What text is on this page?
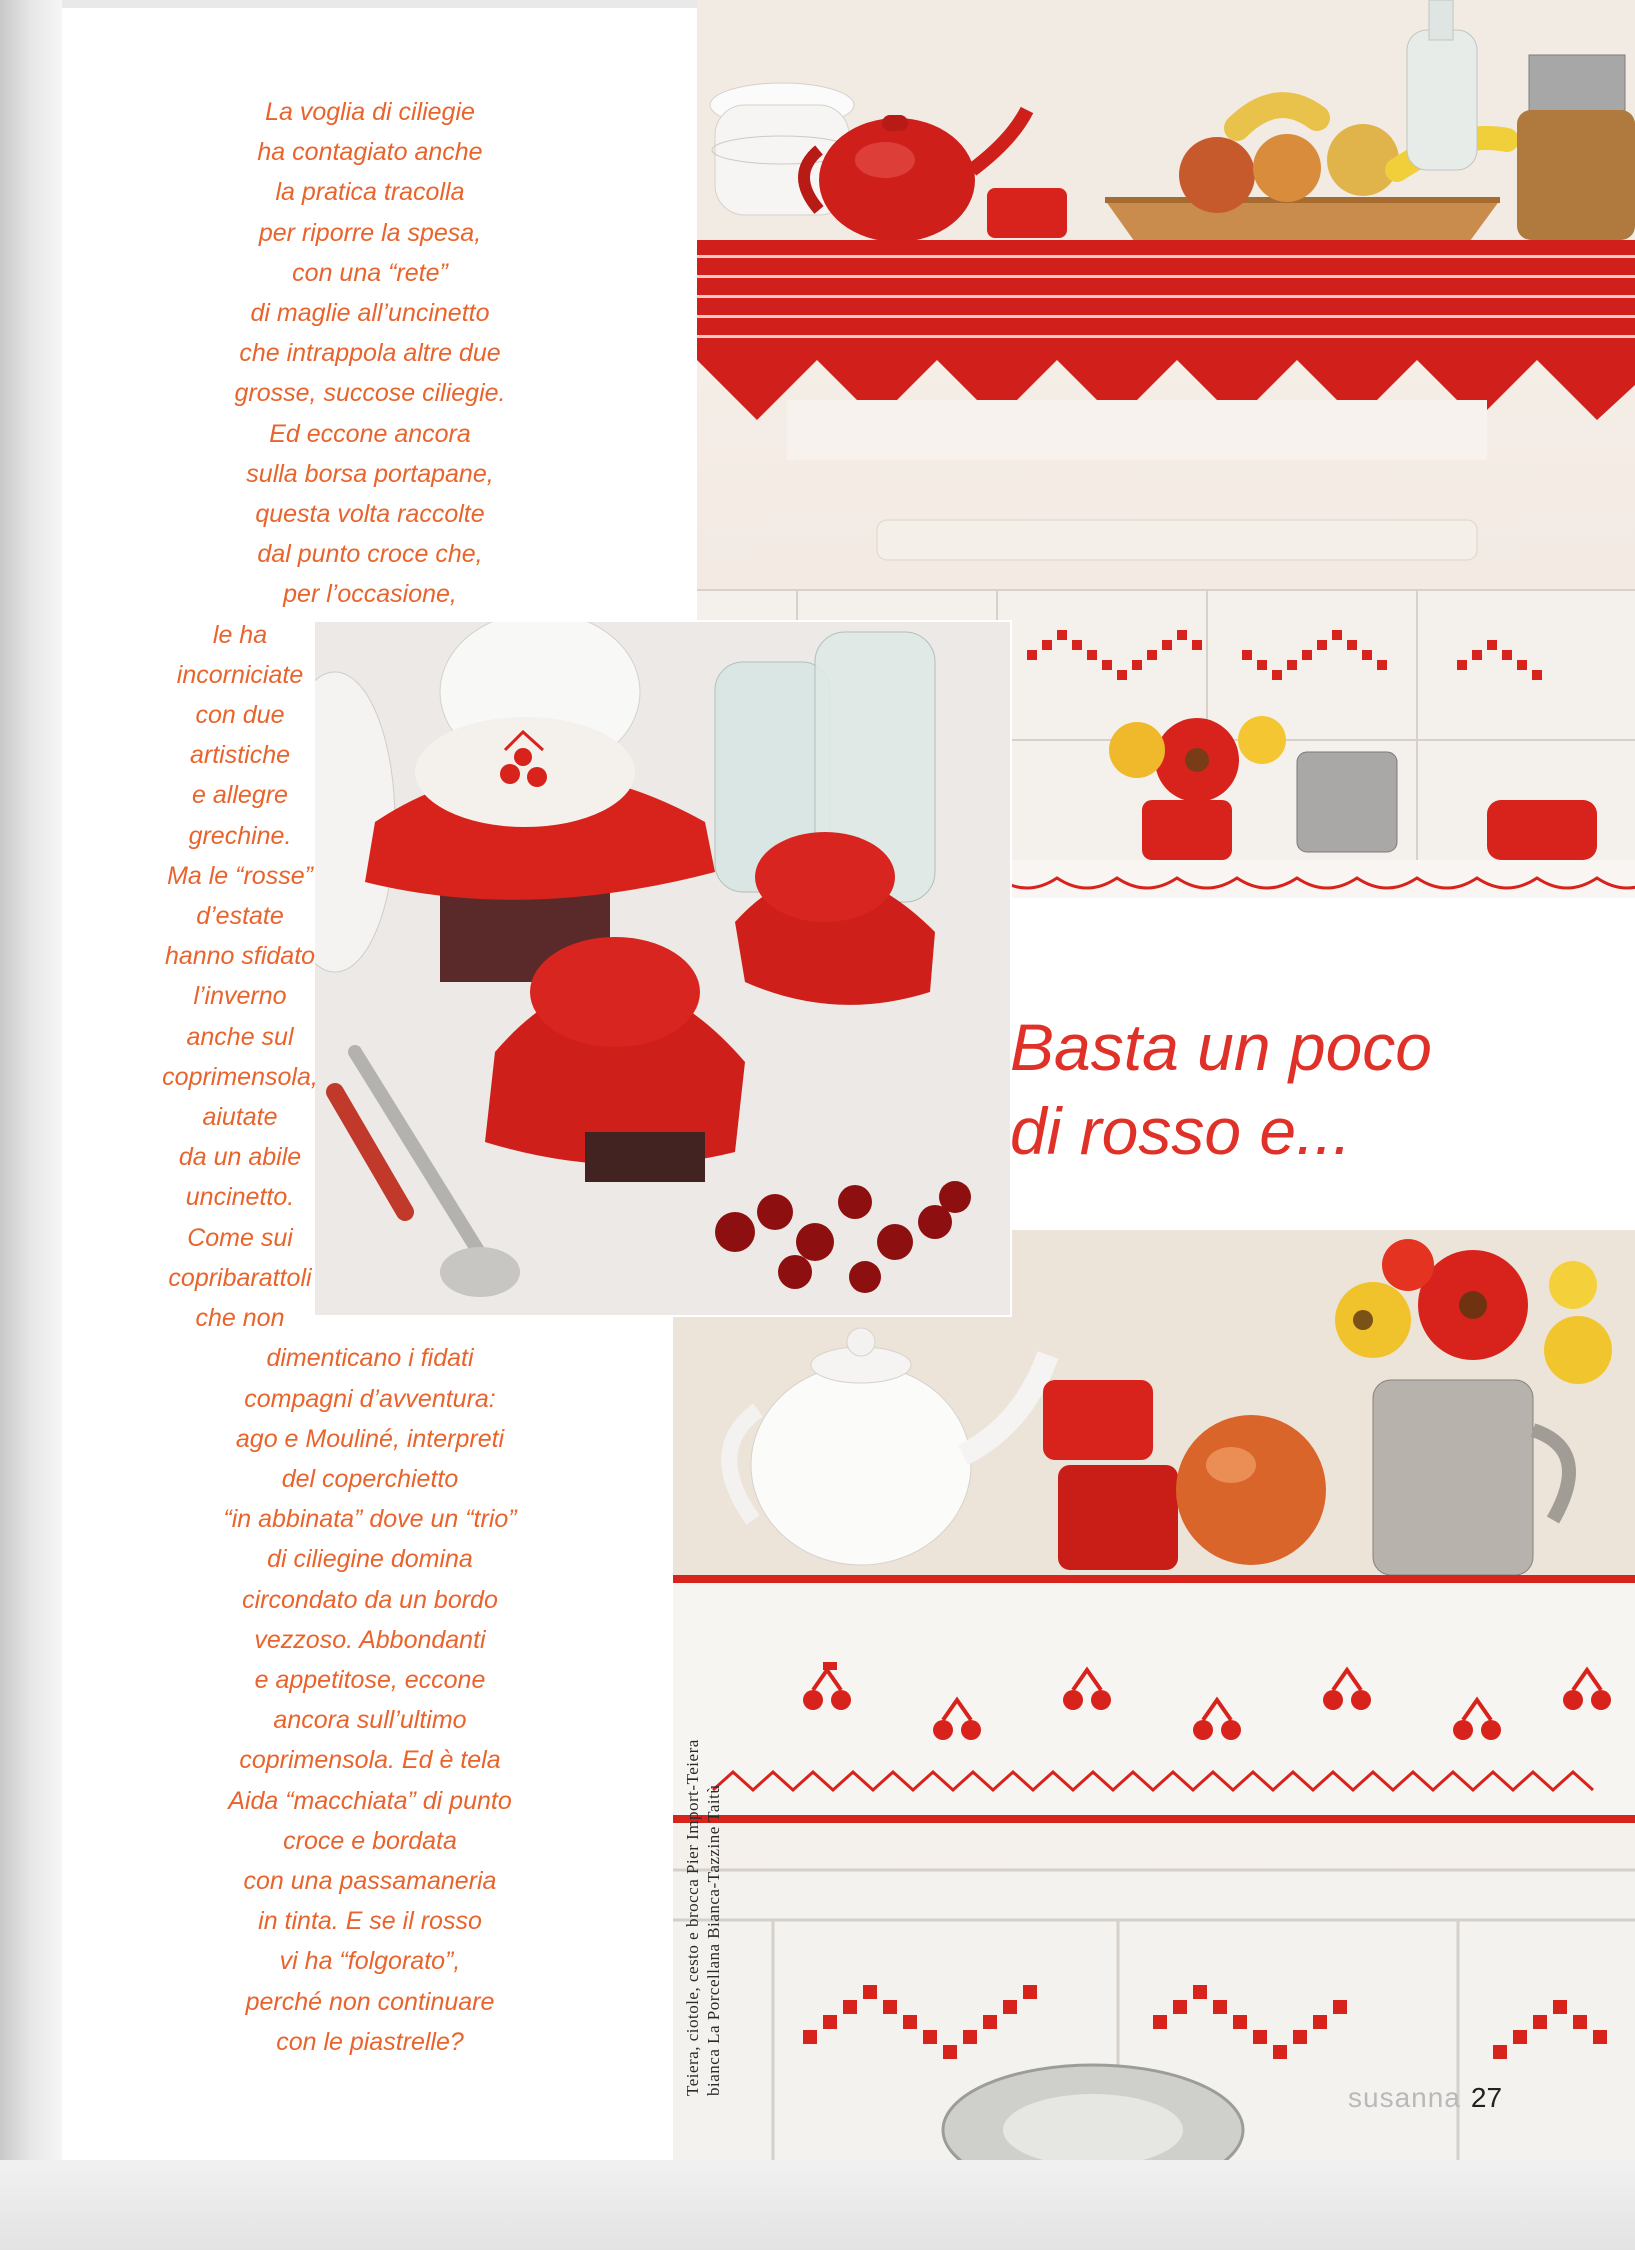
La voglia di ciliegie
ha contagiato anche
la pratica tracolla
per riporre la spesa,
con una “rete”
di maglie all’uncinetto
che intrappola altre due
grosse, succose ciliegie.
Ed eccone ancora
sulla borsa portapane,
questa volta raccolte
dal punto croce che,
per l’occasione,
le ha
incorniciate
con due
artistiche
e allegre
grechine.
Ma le “rosse”
d’estate
hanno sfidato
l’inverno
anche sul
coprimensola,
aiutate
da un abile
uncinetto.
Come sui
copribarattoli
che non
dimenticano i fidati
compagni d’avventura:
ago e Mouliné, interpreti
del coperchietto
“in abbinata” dove un “trio”
di ciliegine domina
circondato da un bordo
vezzoso. Abbondanti
e appetitose, eccone
ancora sull’ultimo
coprimensola. Ed è tela
Aida “macchiata” di punto
croce e bordata
con una passamaneria
in tinta. E se il rosso
vi ha “folgorato”,
perché non continuare
con le piastrelle?
Basta un poco
di rosso e...

Teiera, ciotole, cesto e brocca Pier Import-Teiera bianca La Porcellana Bianca-Tazzine Taitù

susanna 27
